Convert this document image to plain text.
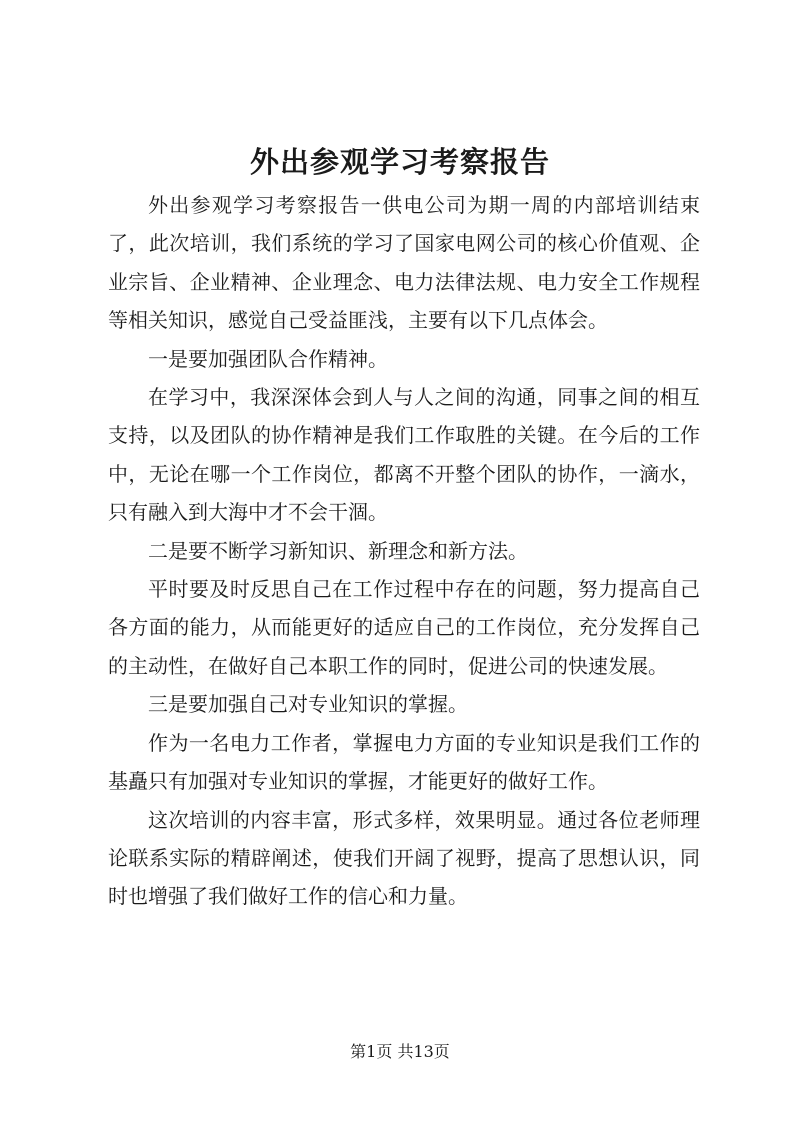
外出参观学习考察报告

外出参观学习考察报告一供电公司为期一周的内部培训结束了，此次培训，我们系统的学习了国家电网公司的核心价值观、企业宗旨、企业精神、企业理念、电力法律法规、电力安全工作规程等相关知识，感觉自己受益匪浅，主要有以下几点体会。

一是要加强团队合作精神。

在学习中，我深深体会到人与人之间的沟通，同事之间的相互支持，以及团队的协作精神是我们工作取胜的关键。在今后的工作中，无论在哪一个工作岗位，都离不开整个团队的协作，一滴水，只有融入到大海中才不会干涸。

二是要不断学习新知识、新理念和新方法。

平时要及时反思自己在工作过程中存在的问题，努力提高自己各方面的能力，从而能更好的适应自己的工作岗位，充分发挥自己的主动性，在做好自己本职工作的同时，促进公司的快速发展。

三是要加强自己对专业知识的掌握。

作为一名电力工作者，掌握电力方面的专业知识是我们工作的基矗只有加强对专业知识的掌握，才能更好的做好工作。

这次培训的内容丰富，形式多样，效果明显。通过各位老师理论联系实际的精辟阐述，使我们开阔了视野，提高了思想认识，同时也增强了我们做好工作的信心和力量。

第1页 共13页
